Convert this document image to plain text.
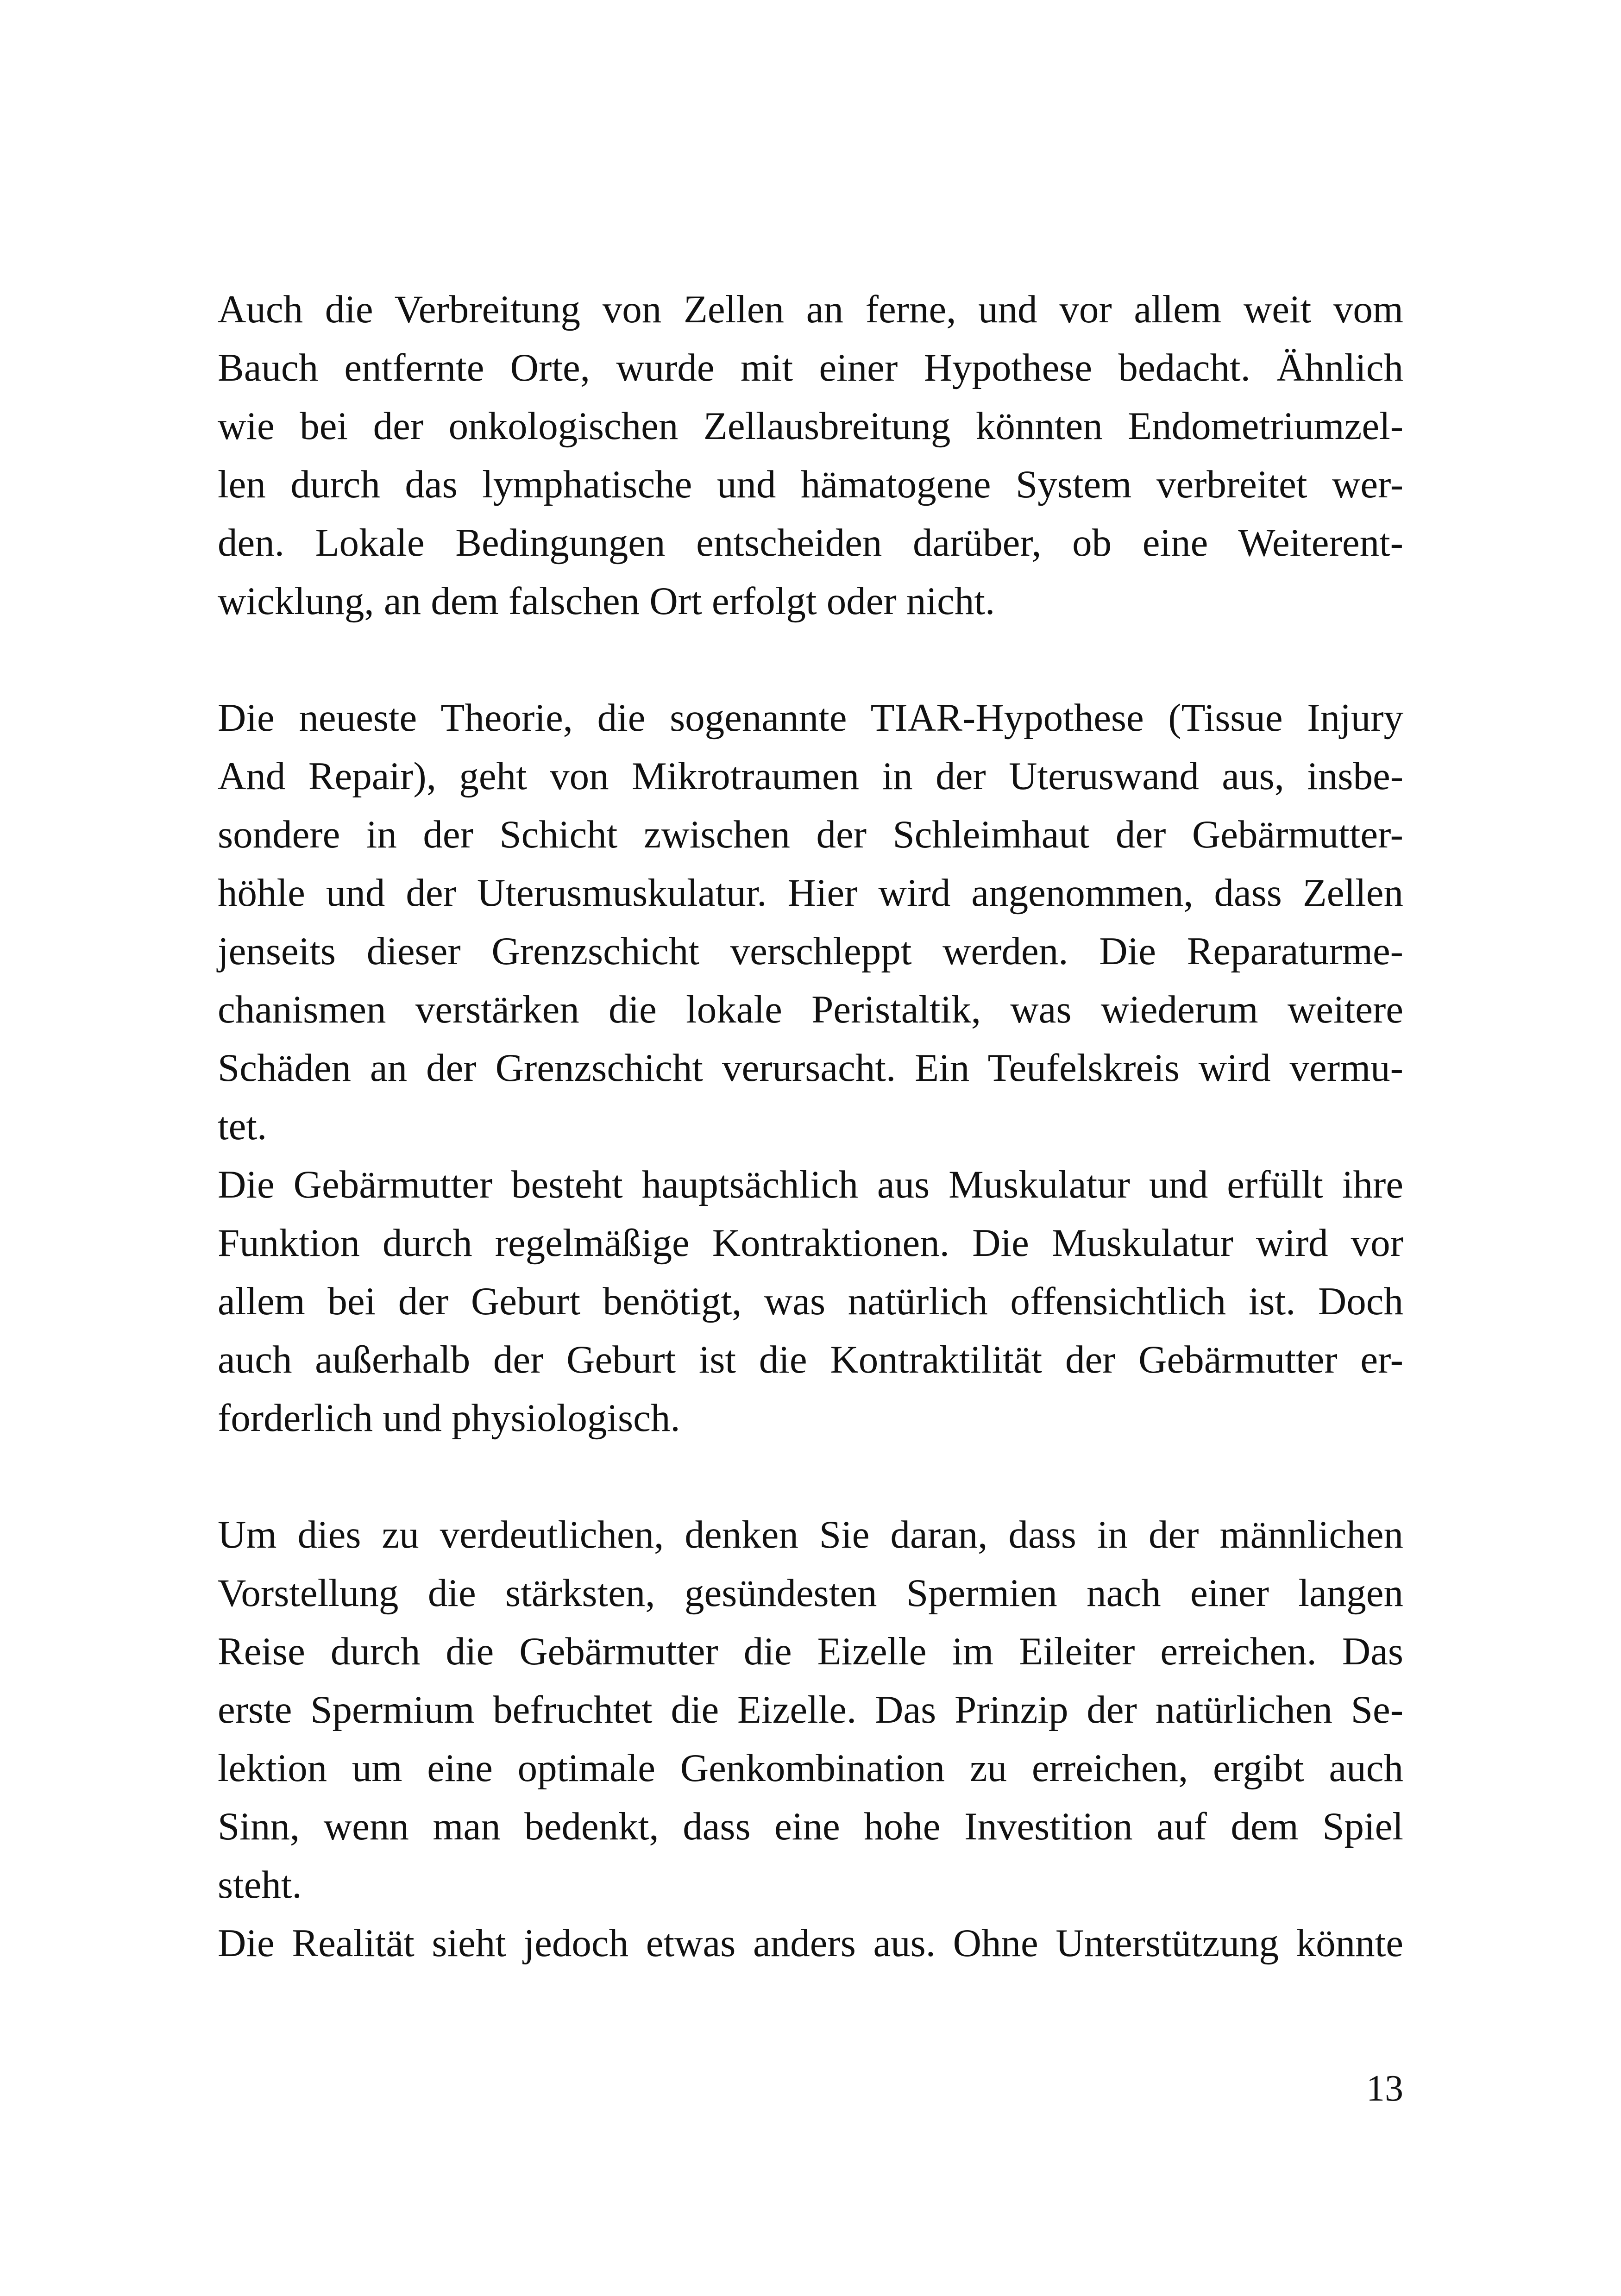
Auch die Verbreitung von Zellen an ferne, und vor allem weit vom
Bauch entfernte Orte, wurde mit einer Hypothese bedacht. Ähnlich
wie bei der onkologischen Zellausbreitung könnten Endometriumzel-
len durch das lymphatische und hämatogene System verbreitet wer-
den. Lokale Bedingungen entscheiden darüber, ob eine Weiterent-
wicklung, an dem falschen Ort erfolgt oder nicht.
Die neueste Theorie, die sogenannte TIAR-Hypothese (Tissue Injury
And Repair), geht von Mikrotraumen in der Uteruswand aus, insbe-
sondere in der Schicht zwischen der Schleimhaut der Gebärmutter-
höhle und der Uterusmuskulatur. Hier wird angenommen, dass Zellen
jenseits dieser Grenzschicht verschleppt werden. Die Reparaturme-
chanismen verstärken die lokale Peristaltik, was wiederum weitere
Schäden an der Grenzschicht verursacht. Ein Teufelskreis wird vermu-
tet.
Die Gebärmutter besteht hauptsächlich aus Muskulatur und erfüllt ihre
Funktion durch regelmäßige Kontraktionen. Die Muskulatur wird vor
allem bei der Geburt benötigt, was natürlich offensichtlich ist. Doch
auch außerhalb der Geburt ist die Kontraktilität der Gebärmutter er-
forderlich und physiologisch.
Um dies zu verdeutlichen, denken Sie daran, dass in der männlichen
Vorstellung die stärksten, gesündesten Spermien nach einer langen
Reise durch die Gebärmutter die Eizelle im Eileiter erreichen. Das
erste Spermium befruchtet die Eizelle. Das Prinzip der natürlichen Se-
lektion um eine optimale Genkombination zu erreichen, ergibt auch
Sinn, wenn man bedenkt, dass eine hohe Investition auf dem Spiel
steht.
Die Realität sieht jedoch etwas anders aus. Ohne Unterstützung könnte
13
